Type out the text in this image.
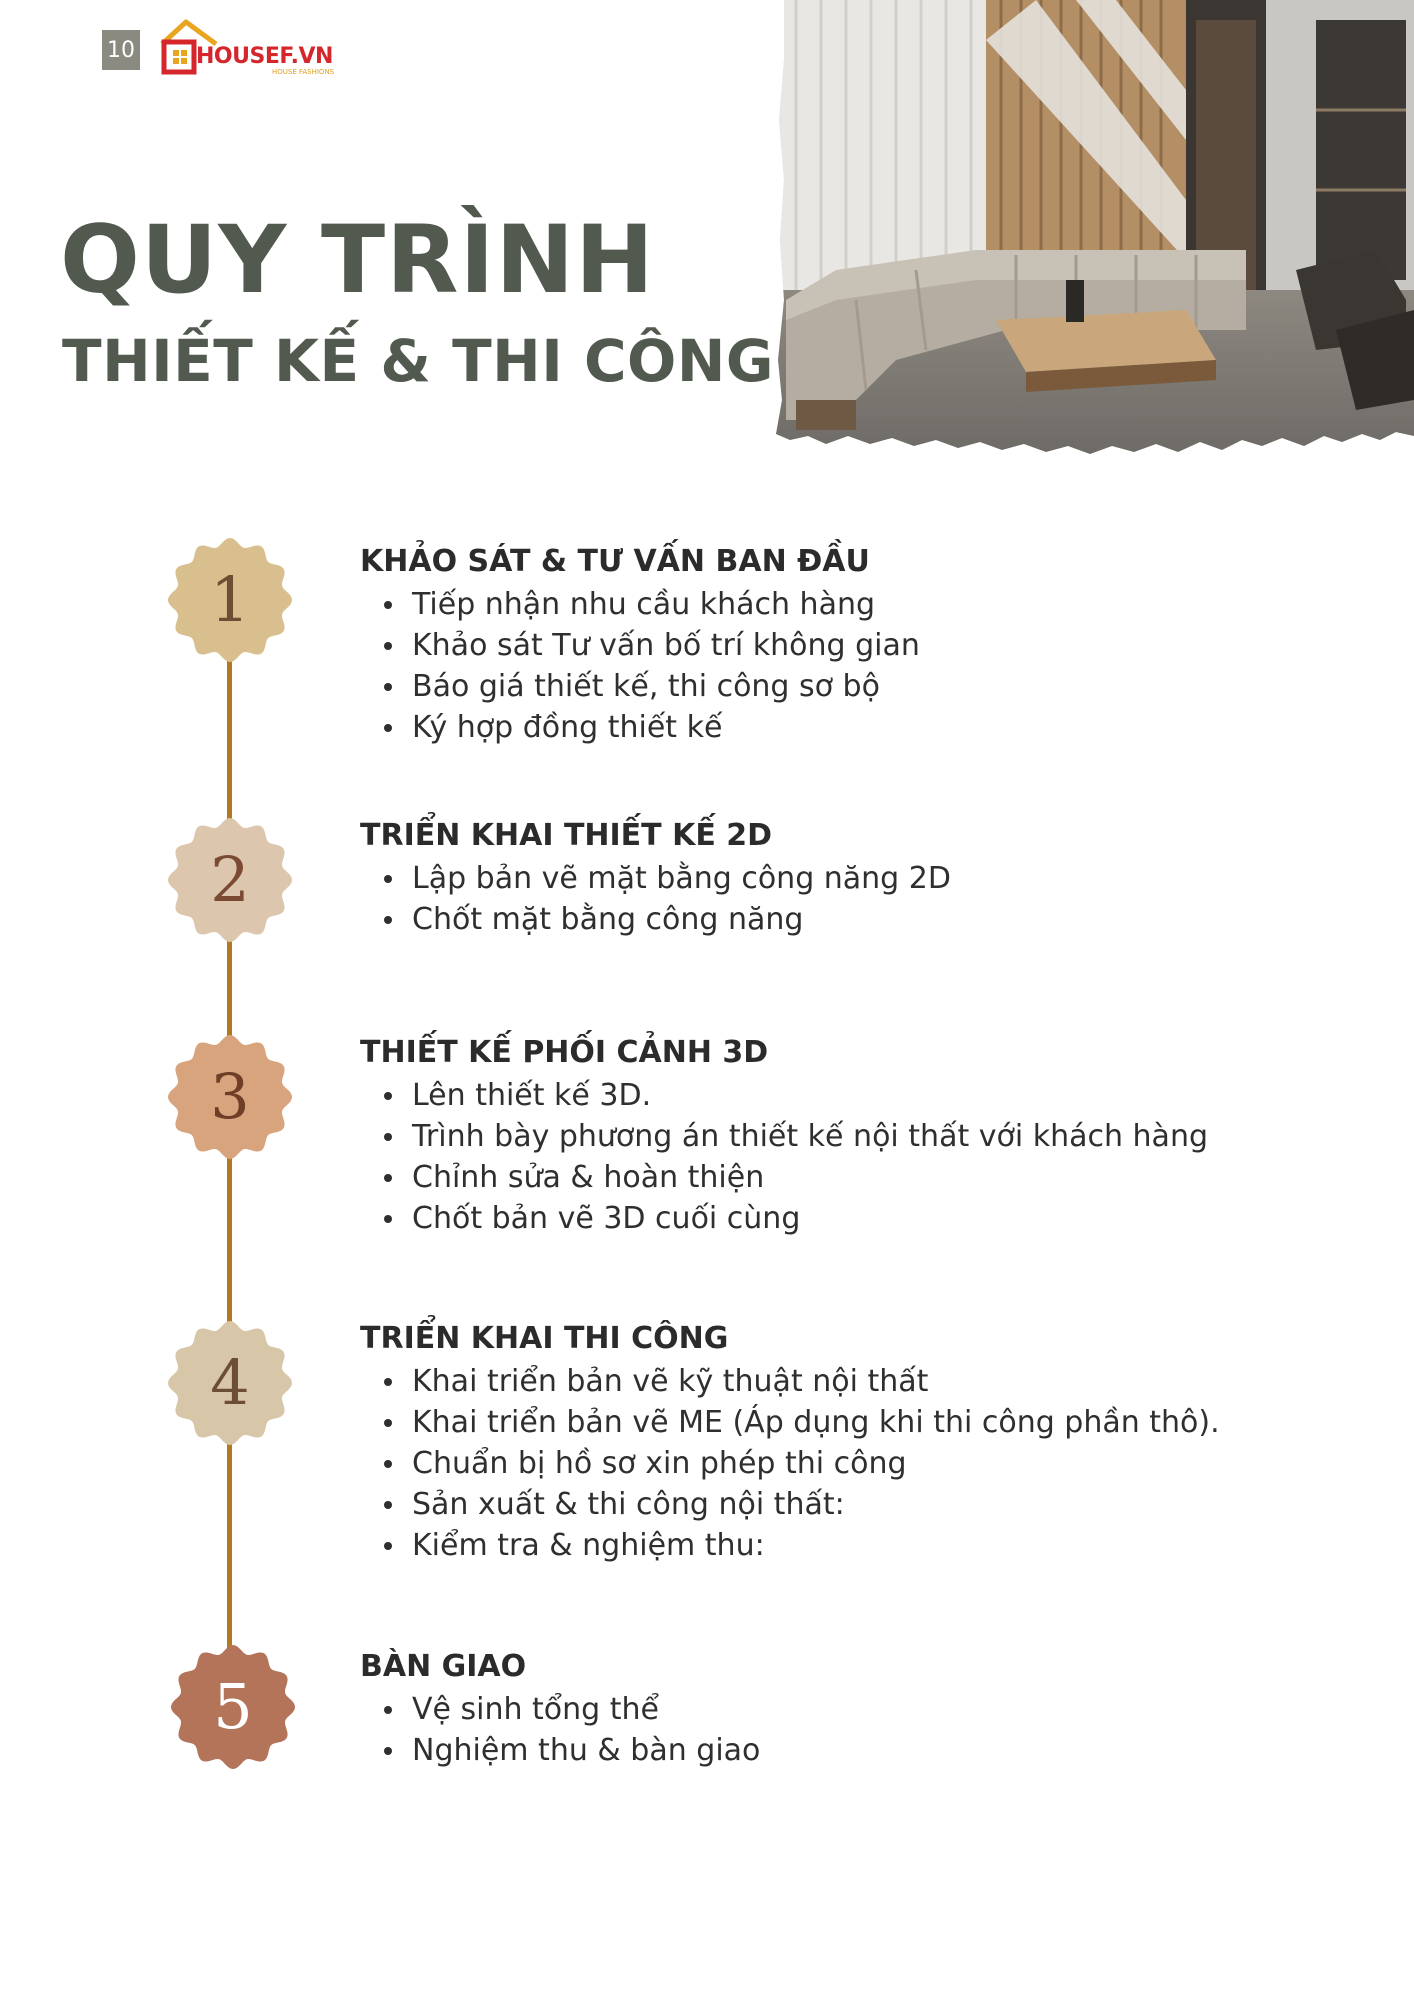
10	HOUSEF.VN
HOUSE FASHIONS
QUY TRÌNH
THIẾT KẾ & THI CÔNG
1
2
3
4
5
KHẢO SÁT & TƯ VẤN BAN ĐẦU
Tiếp nhận nhu cầu khách hàng
Khảo sát Tư vấn bố trí không gian
Báo giá thiết kế, thi công sơ bộ
Ký hợp đồng thiết kế
TRIỂN KHAI THIẾT KẾ 2D
Lập bản vẽ mặt bằng công năng 2D
Chốt mặt bằng công năng
THIẾT KẾ PHỐI CẢNH 3D
Lên thiết kế 3D.
Trình bày phương án thiết kế nội thất với khách hàng
Chỉnh sửa & hoàn thiện
Chốt bản vẽ 3D cuối cùng
TRIỂN KHAI THI CÔNG
Khai triển bản vẽ kỹ thuật nội thất
Khai triển bản vẽ ME (Áp dụng khi thi công phần thô).
Chuẩn bị hồ sơ xin phép thi công
Sản xuất & thi công nội thất:
Kiểm tra & nghiệm thu:
BÀN GIAO
Vệ sinh tổng thể
Nghiệm thu & bàn giao
